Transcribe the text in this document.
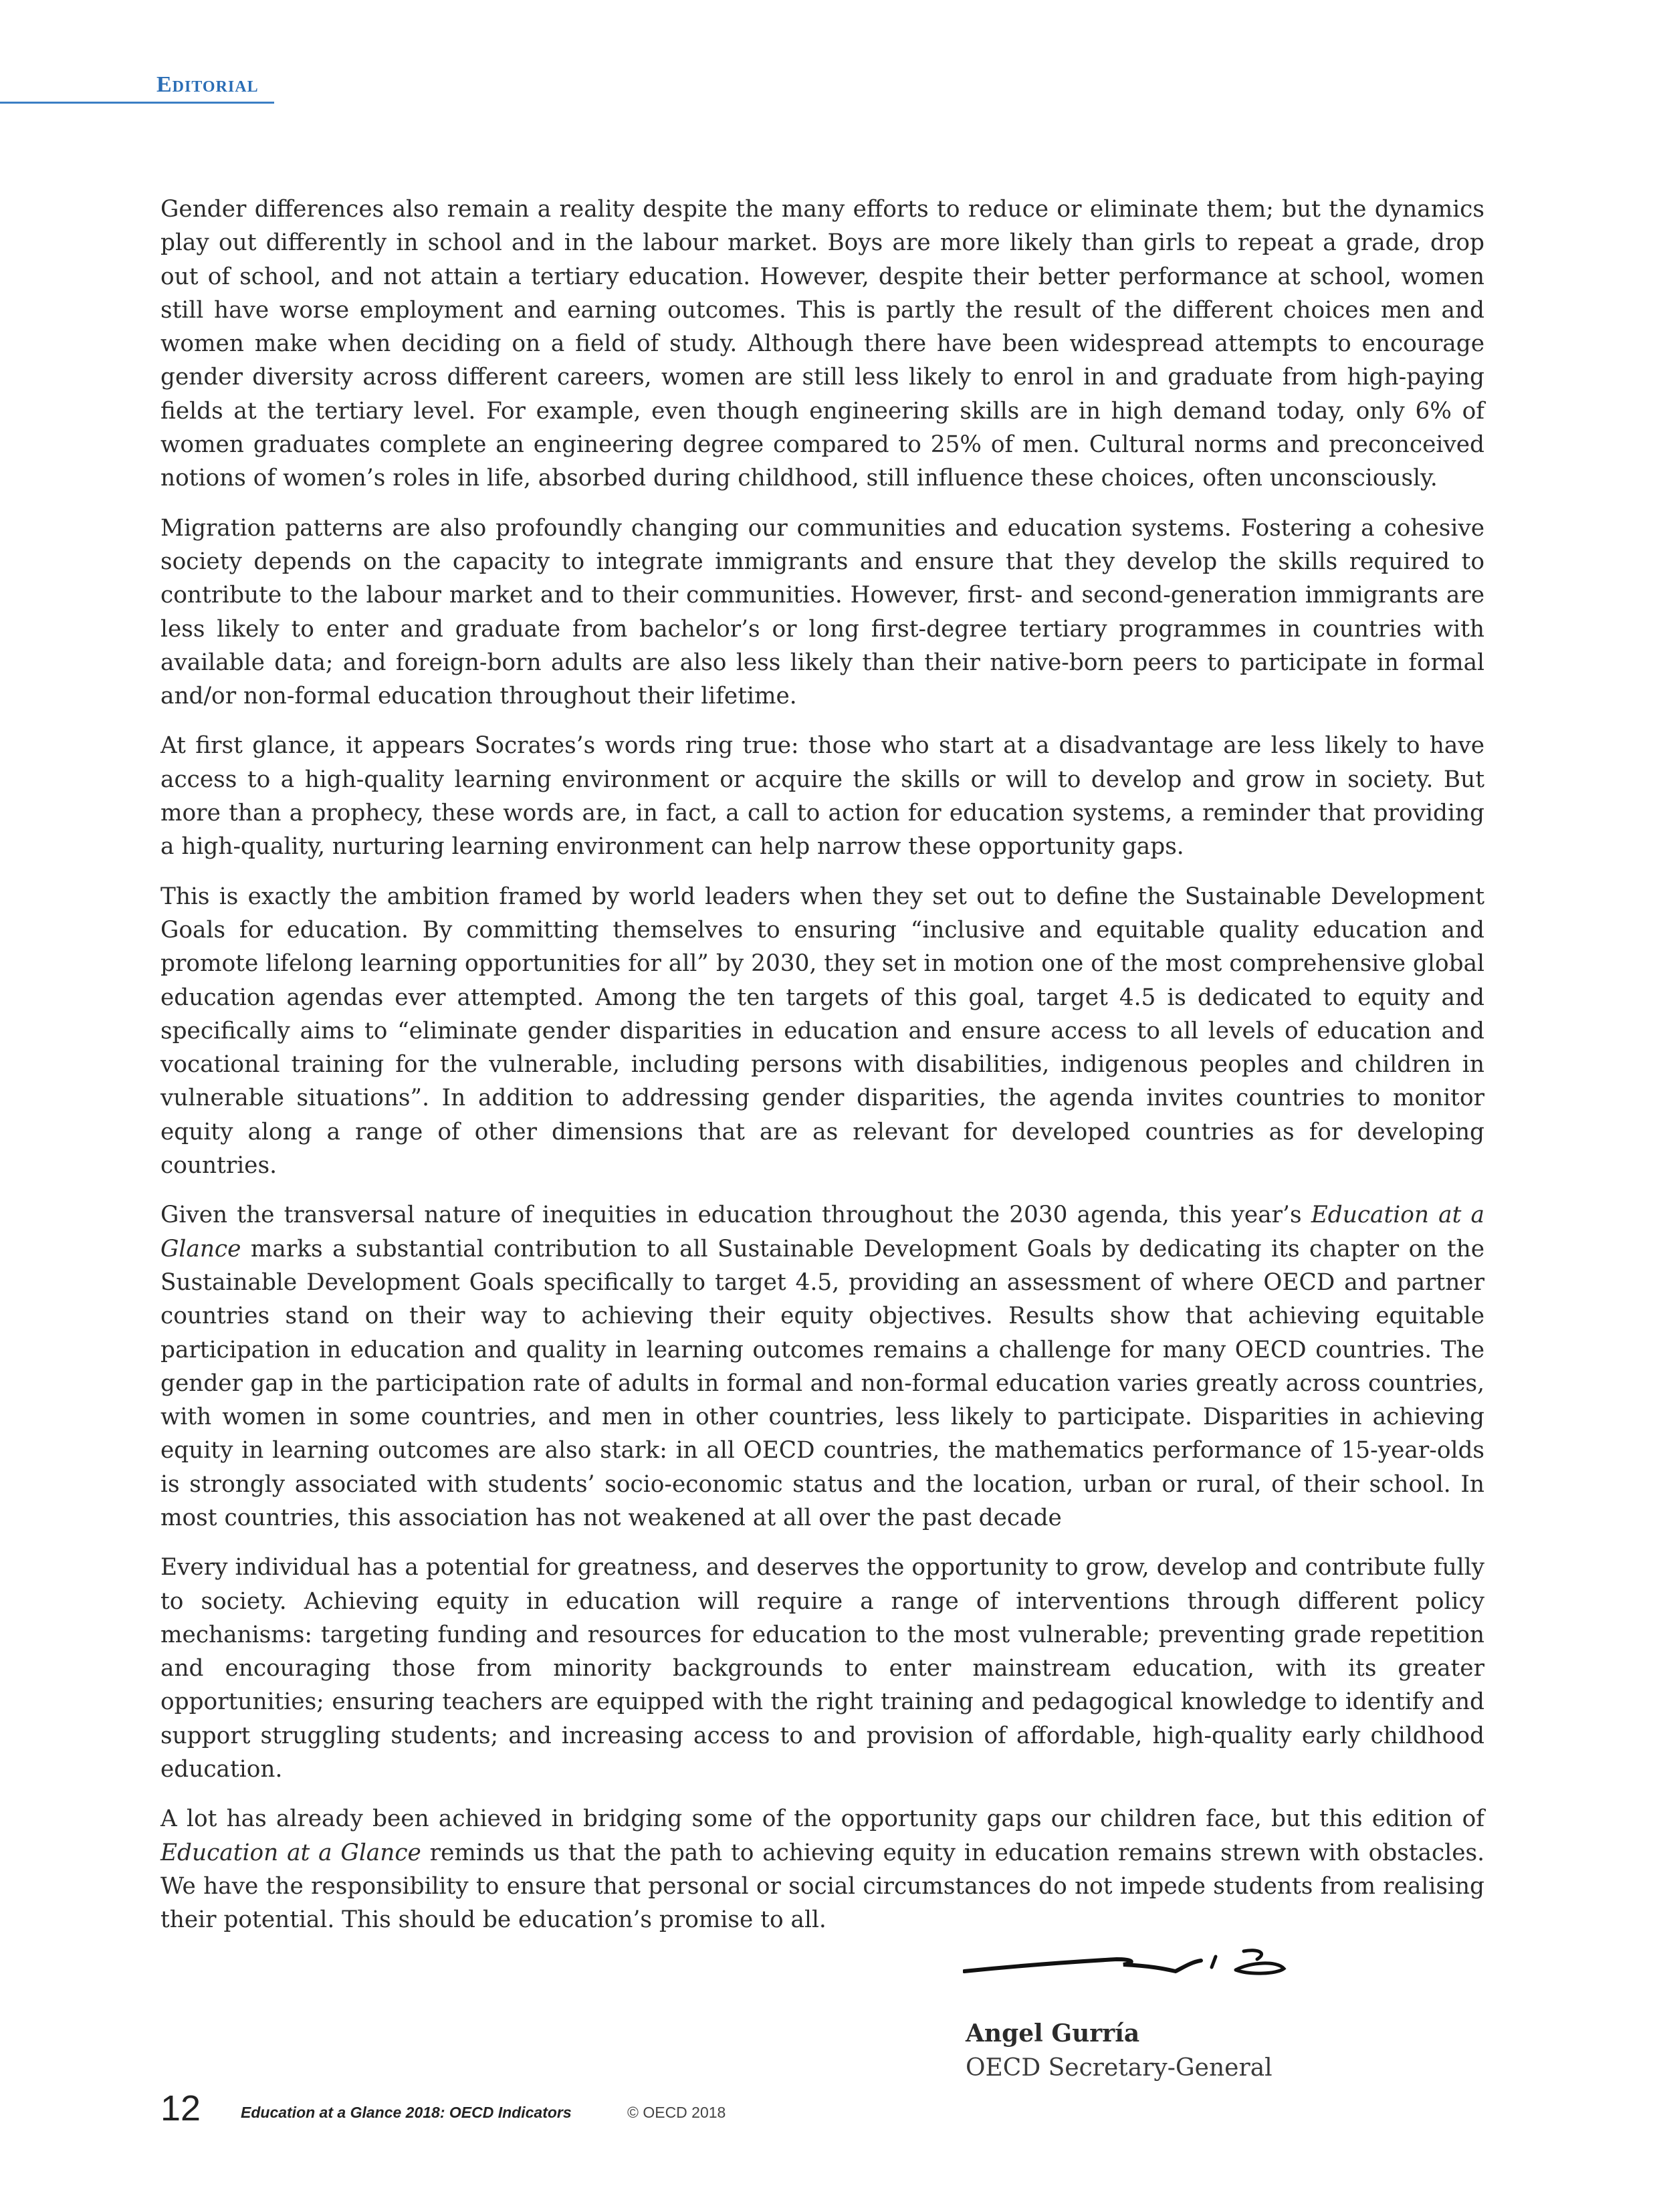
Editorial

Gender differences also remain a reality despite the many efforts to reduce or eliminate them; but the dynamics play out differently in school and in the labour market. Boys are more likely than girls to repeat a grade, drop out of school, and not attain a tertiary education. However, despite their better performance at school, women still have worse employment and earning outcomes. This is partly the result of the different choices men and women make when deciding on a field of study. Although there have been widespread attempts to encourage gender diversity across different careers, women are still less likely to enrol in and graduate from high-paying fields at the tertiary level. For example, even though engineering skills are in high demand today, only 6% of women graduates complete an engineering degree compared to 25% of men. Cultural norms and preconceived notions of women’s roles in life, absorbed during childhood, still influence these choices, often unconsciously.

Migration patterns are also profoundly changing our communities and education systems. Fostering a cohesive society depends on the capacity to integrate immigrants and ensure that they develop the skills required to contribute to the labour market and to their communities. However, first- and second-generation immigrants are less likely to enter and graduate from bachelor’s or long first-degree tertiary programmes in countries with available data; and foreign-born adults are also less likely than their native-born peers to participate in formal and/or non-formal education throughout their lifetime.

At first glance, it appears Socrates’s words ring true: those who start at a disadvantage are less likely to have access to a high-quality learning environment or acquire the skills or will to develop and grow in society. But more than a prophecy, these words are, in fact, a call to action for education systems, a reminder that providing a high-quality, nurturing learning environment can help narrow these opportunity gaps.

This is exactly the ambition framed by world leaders when they set out to define the Sustainable Development Goals for education. By committing themselves to ensuring “inclusive and equitable quality education and promote lifelong learning opportunities for all” by 2030, they set in motion one of the most comprehensive global education agendas ever attempted. Among the ten targets of this goal, target 4.5 is dedicated to equity and specifically aims to “eliminate gender disparities in education and ensure access to all levels of education and vocational training for the vulnerable, including persons with disabilities, indigenous peoples and children in vulnerable situations”. In addition to addressing gender disparities, the agenda invites countries to monitor equity along a range of other dimensions that are as relevant for developed countries as for developing countries.

Given the transversal nature of inequities in education throughout the 2030 agenda, this year’s Education at a Glance marks a substantial contribution to all Sustainable Development Goals by dedicating its chapter on the Sustainable Development Goals specifically to target 4.5, providing an assessment of where OECD and partner countries stand on their way to achieving their equity objectives. Results show that achieving equitable participation in education and quality in learning outcomes remains a challenge for many OECD countries. The gender gap in the participation rate of adults in formal and non-formal education varies greatly across countries, with women in some countries, and men in other countries, less likely to participate. Disparities in achieving equity in learning outcomes are also stark: in all OECD countries, the mathematics performance of 15-year-olds is strongly associated with students’ socio-economic status and the location, urban or rural, of their school. In most countries, this association has not weakened at all over the past decade

Every individual has a potential for greatness, and deserves the opportunity to grow, develop and contribute fully to society. Achieving equity in education will require a range of interventions through different policy mechanisms: targeting funding and resources for education to the most vulnerable; preventing grade repetition and encouraging those from minority backgrounds to enter mainstream education, with its greater opportunities; ensuring teachers are equipped with the right training and pedagogical knowledge to identify and support struggling students; and increasing access to and provision of affordable, high-quality early childhood education.

A lot has already been achieved in bridging some of the opportunity gaps our children face, but this edition of Education at a Glance reminds us that the path to achieving equity in education remains strewn with obstacles. We have the responsibility to ensure that personal or social circumstances do not impede students from realising their potential. This should be education’s promise to all.

Angel Gurría
OECD Secretary-General
12	Education at a Glance 2018: OECD Indicators	© OECD 2018
